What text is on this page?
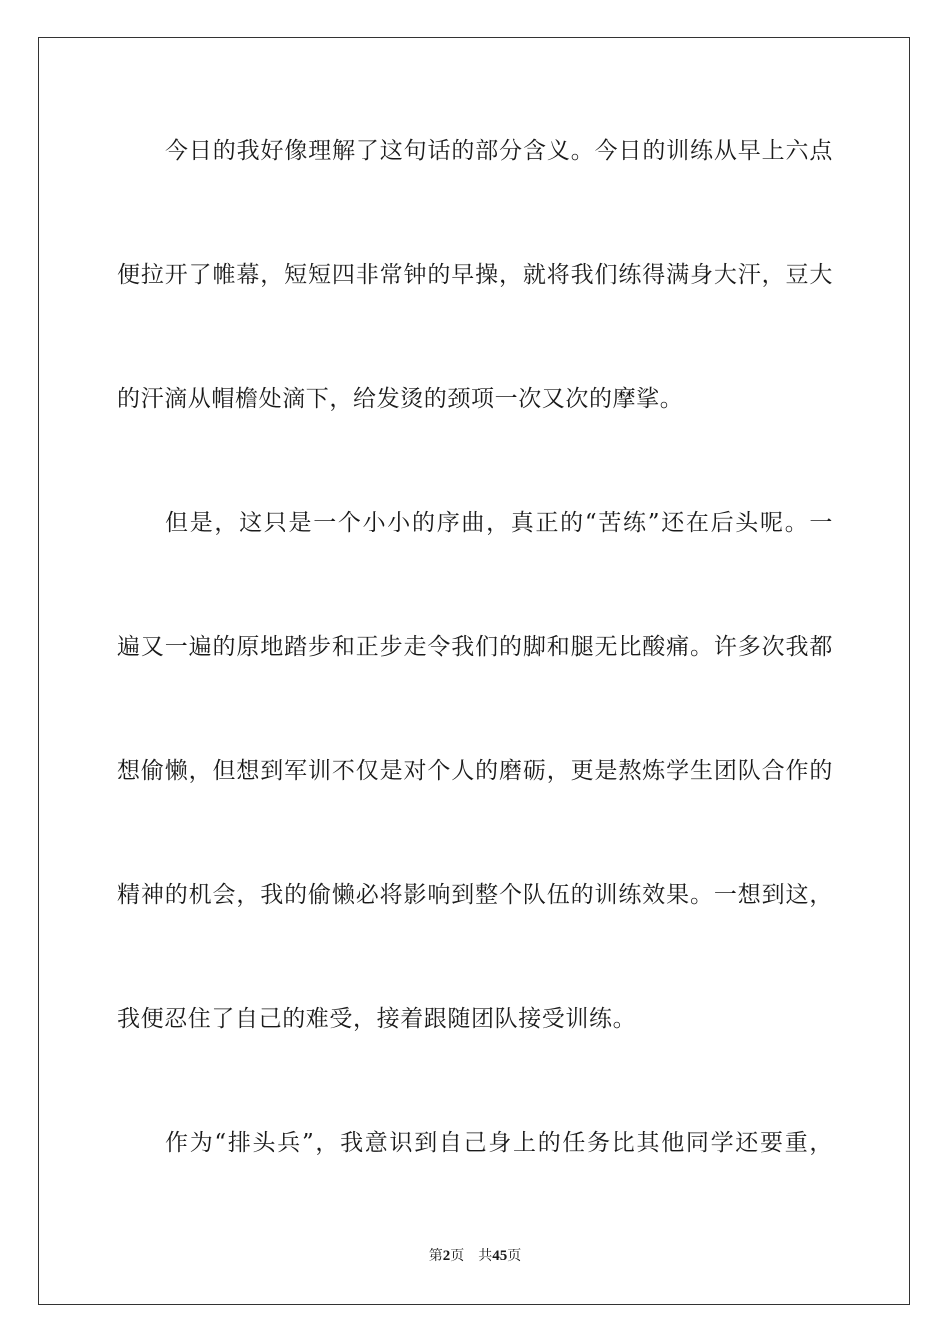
今日的我好像理解了这句话的部分含义。今日的训练从早上六点
便拉开了帷幕，短短四非常钟的早操，就将我们练得满身大汗，豆大
的汗滴从帽檐处滴下，给发烫的颈项一次又次的摩挲。
但是，这只是一个小小的序曲，真正的“苦练”还在后头呢。一
遍又一遍的原地踏步和正步走令我们的脚和腿无比酸痛。许多次我都
想偷懒，但想到军训不仅是对个人的磨砺，更是熬炼学生团队合作的
精神的机会，我的偷懒必将影响到整个队伍的训练效果。一想到这，
我便忍住了自己的难受，接着跟随团队接受训练。
作为“排头兵”，我意识到自己身上的任务比其他同学还要重，
第2页 共45页
